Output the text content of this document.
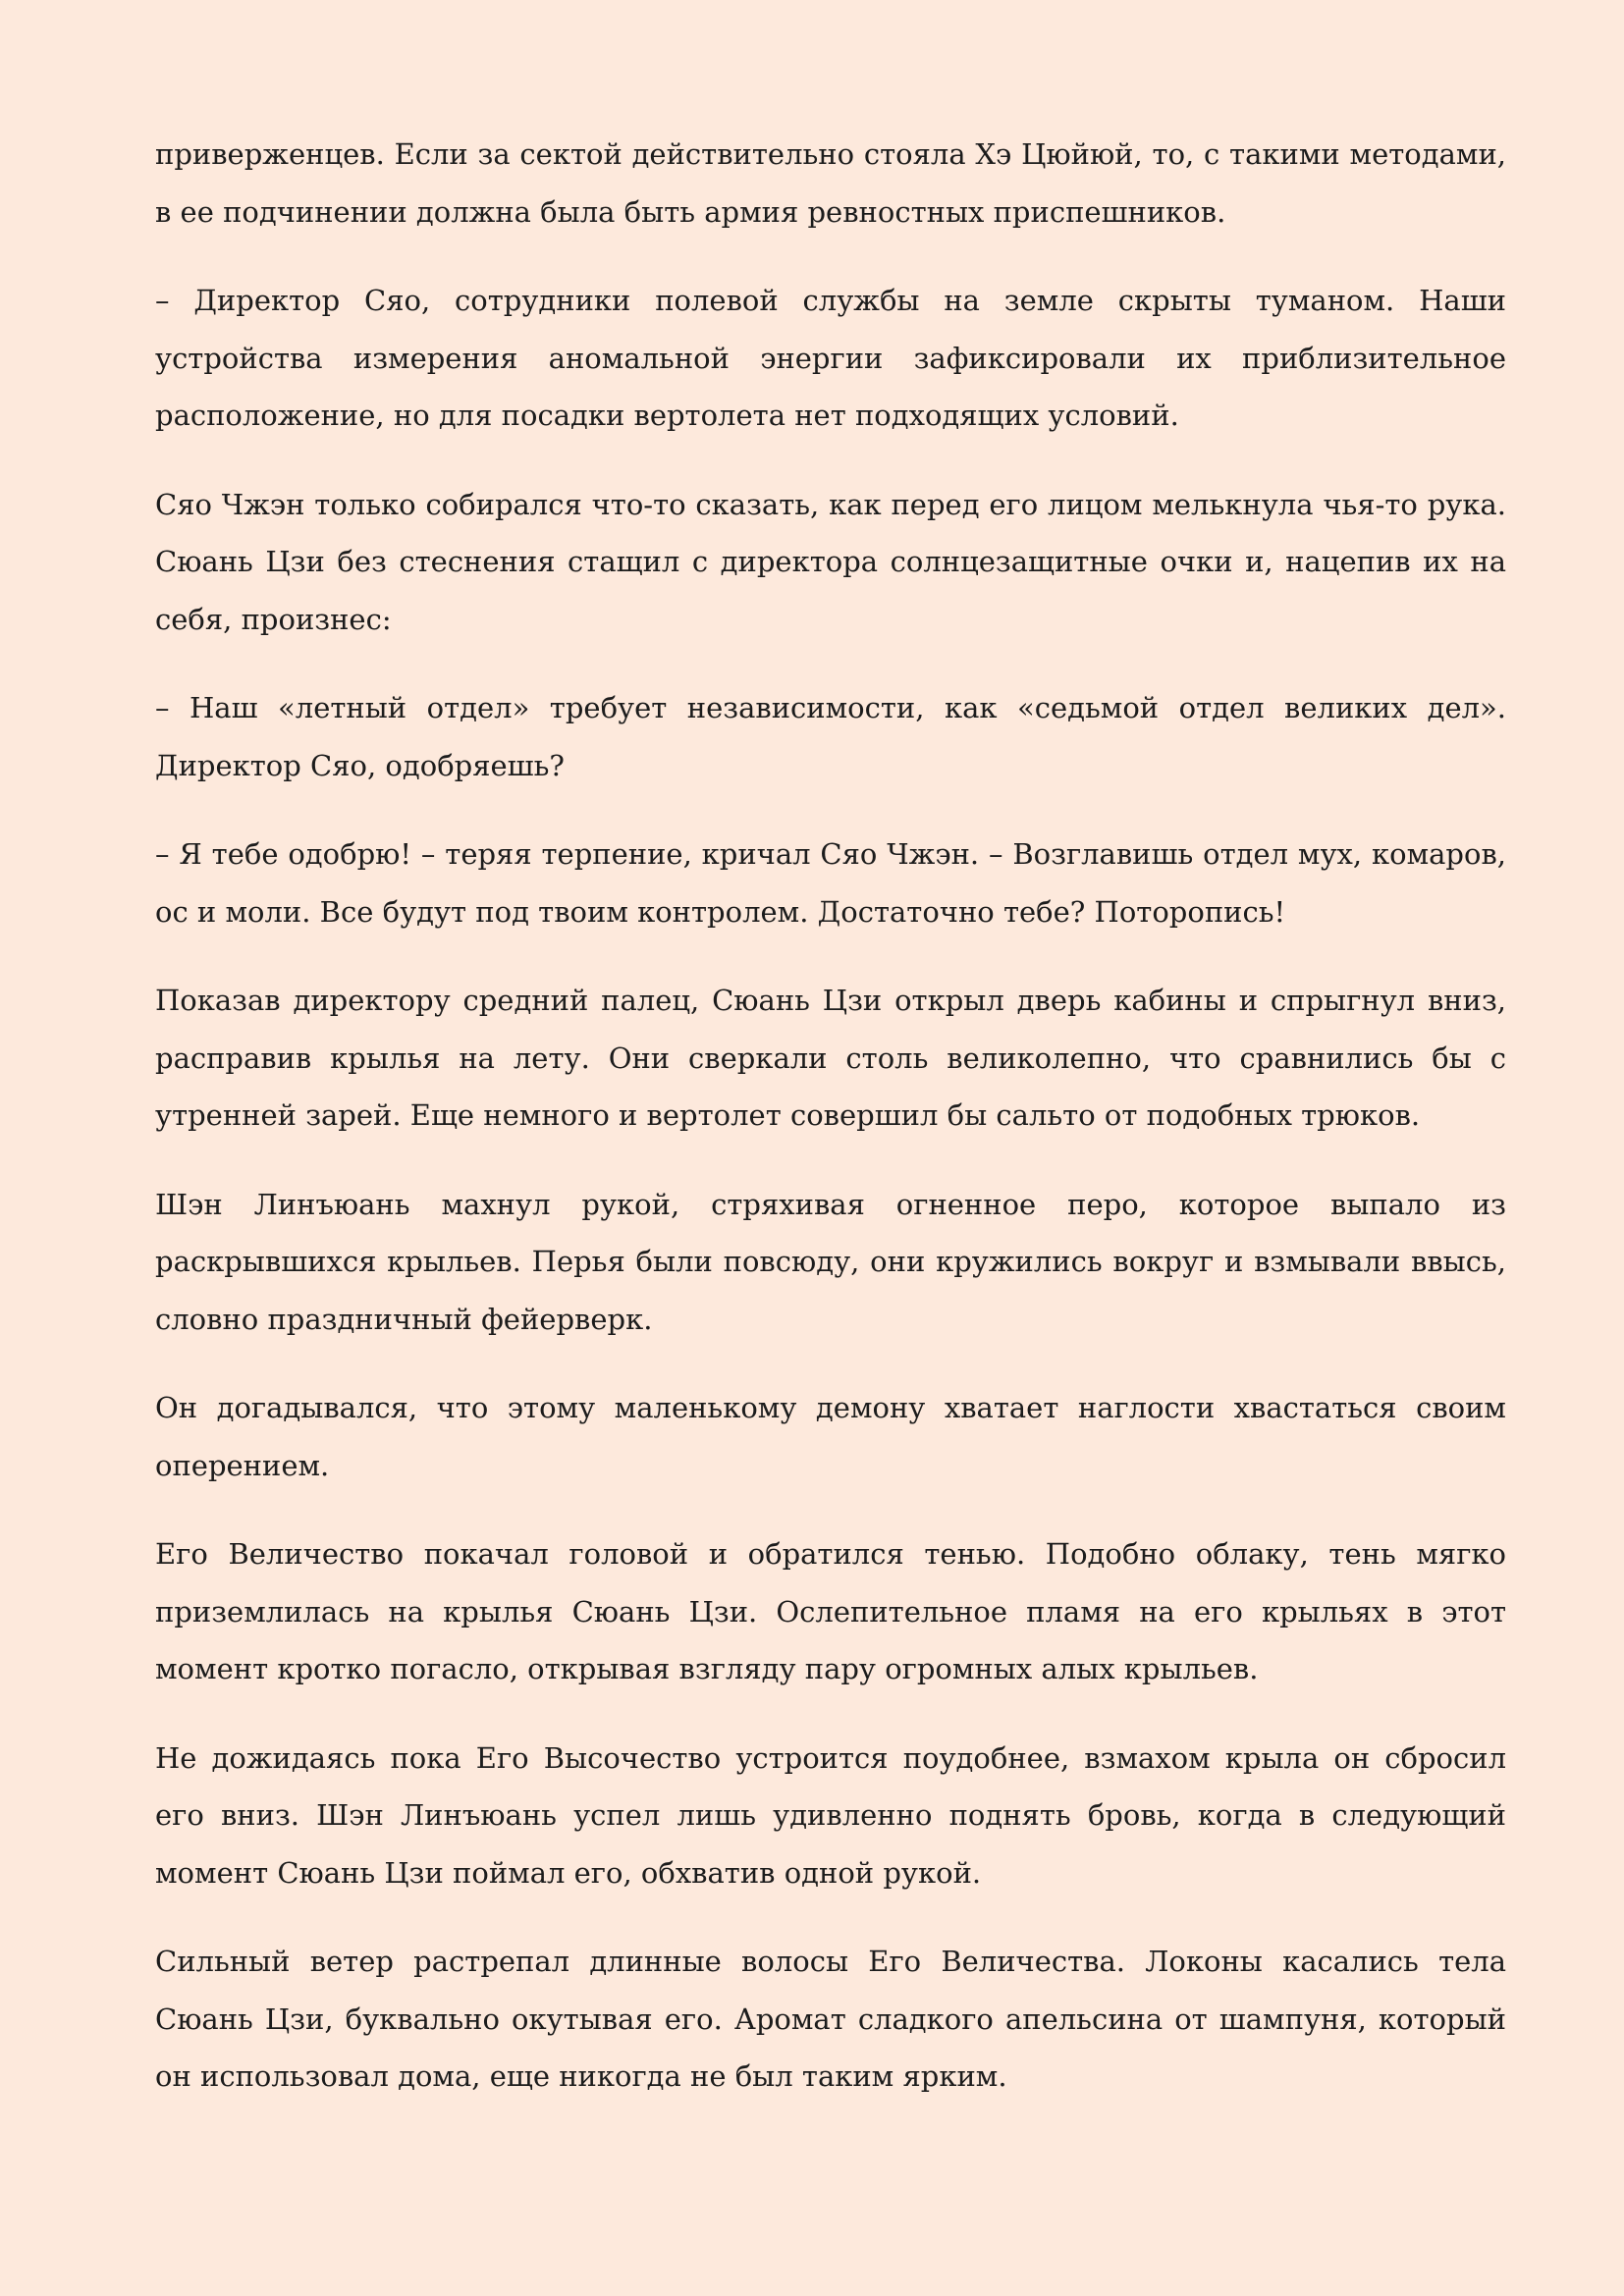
приверженцев. Если за сектой действительно стояла Хэ Цюйюй, то, с такими методами, в ее подчинении должна была быть армия ревностных приспешников.

– Директор Сяо, сотрудники полевой службы на земле скрыты туманом. Наши устройства измерения аномальной энергии зафиксировали их приблизительное расположение, но для посадки вертолета нет подходящих условий.

Сяо Чжэн только собирался что-то сказать, как перед его лицом мелькнула чья-то рука. Сюань Цзи без стеснения стащил с директора солнцезащитные очки и, нацепив их на себя, произнес:

– Наш «летный отдел» требует независимости, как «седьмой отдел великих дел». Директор Сяо, одобряешь?

– Я тебе одобрю! – теряя терпение, кричал Сяо Чжэн. – Возглавишь отдел мух, комаров, ос и моли. Все будут под твоим контролем. Достаточно тебе? Поторопись!

Показав директору средний палец, Сюань Цзи открыл дверь кабины и спрыгнул вниз, расправив крылья на лету. Они сверкали столь великолепно, что сравнились бы с утренней зарей. Еще немного и вертолет совершил бы сальто от подобных трюков.

Шэн Линъюань махнул рукой, стряхивая огненное перо, которое выпало из раскрывшихся крыльев. Перья были повсюду, они кружились вокруг и взмывали ввысь, словно праздничный фейерверк.

Он догадывался, что этому маленькому демону хватает наглости хвастаться своим оперением.

Его Величество покачал головой и обратился тенью. Подобно облаку, тень мягко приземлилась на крылья Сюань Цзи. Ослепительное пламя на его крыльях в этот момент кротко погасло, открывая взгляду пару огромных алых крыльев.

Не дожидаясь пока Его Высочество устроится поудобнее, взмахом крыла он сбросил его вниз. Шэн Линъюань успел лишь удивленно поднять бровь, когда в следующий момент Сюань Цзи поймал его, обхватив одной рукой.

Сильный ветер растрепал длинные волосы Его Величества. Локоны касались тела Сюань Цзи, буквально окутывая его. Аромат сладкого апельсина от шампуня, который он использовал дома, еще никогда не был таким ярким.
